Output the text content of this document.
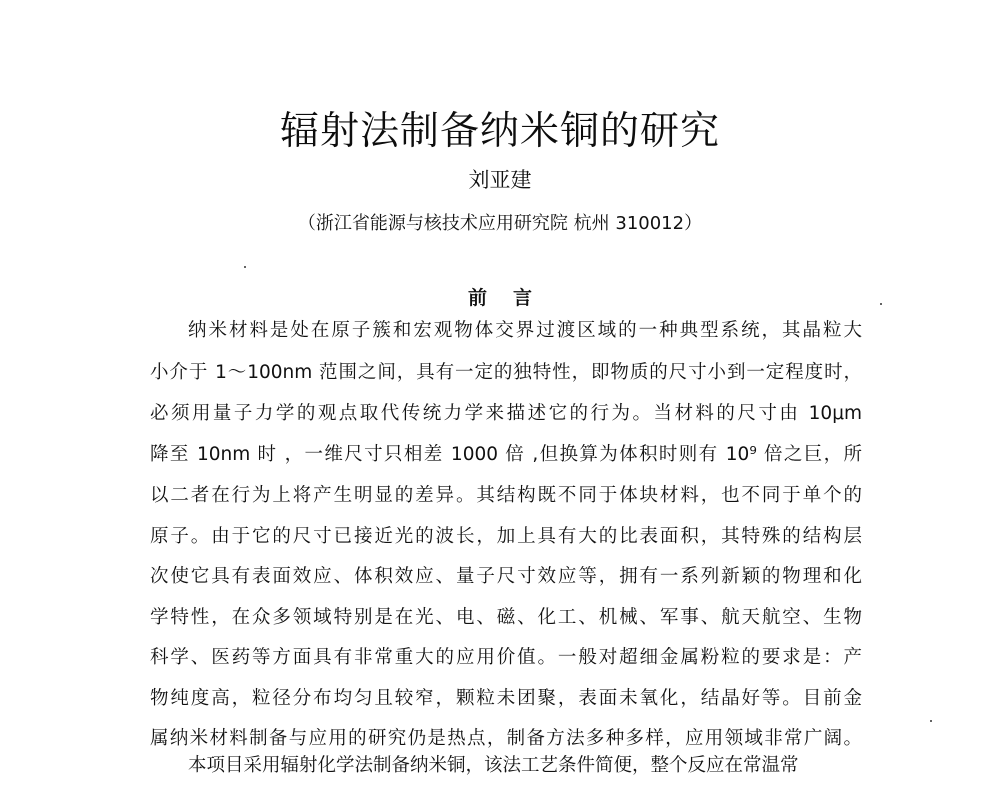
辐射法制备纳米铜的研究
刘亚建
（浙江省能源与核技术应用研究院 杭州 310012）
前言
纳米材料是处在原子簇和宏观物体交界过渡区域的一种典型系统，其晶粒大
小介于 1～100nm 范围之间，具有一定的独特性，即物质的尺寸小到一定程度时，
必须用量子力学的观点取代传统力学来描述它的行为。当材料的尺寸由 10μm
降至 10nm 时 ，一维尺寸只相差 1000 倍 ,但换算为体积时则有 10⁹ 倍之巨，所
以二者在行为上将产生明显的差异。其结构既不同于体块材料，也不同于单个的
原子。由于它的尺寸已接近光的波长，加上具有大的比表面积，其特殊的结构层
次使它具有表面效应、体积效应、量子尺寸效应等，拥有一系列新颖的物理和化
学特性，在众多领域特别是在光、电、磁、化工、机械、军事、航天航空、生物
科学、医药等方面具有非常重大的应用价值。一般对超细金属粉粒的要求是：产
物纯度高，粒径分布均匀且较窄，颗粒未团聚，表面未氧化，结晶好等。目前金
属纳米材料制备与应用的研究仍是热点，制备方法多种多样，应用领域非常广阔。
本项目采用辐射化学法制备纳米铜，该法工艺条件简便，整个反应在常温常
